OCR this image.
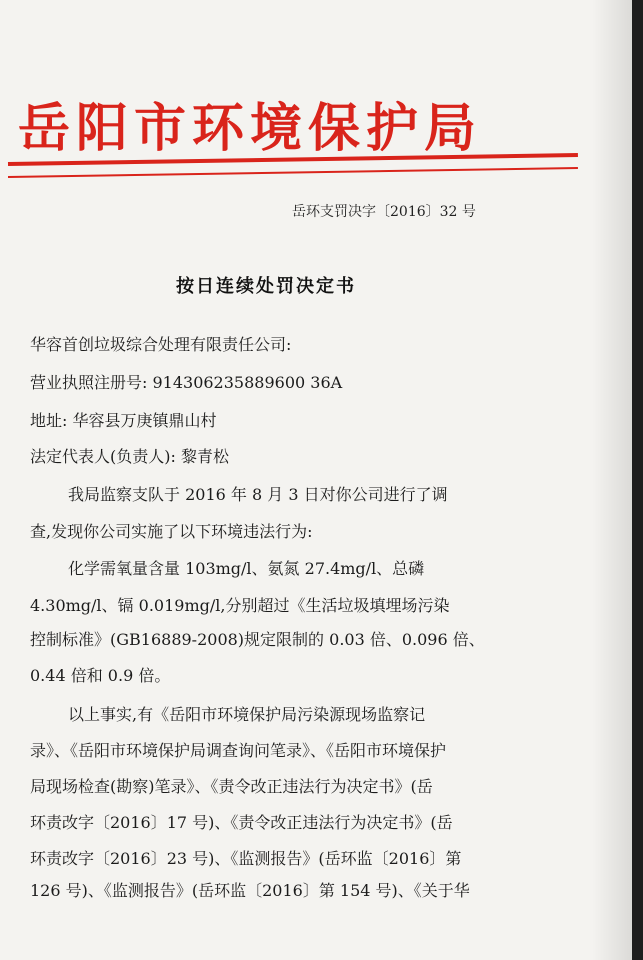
岳阳市环境保护局
岳环支罚决字〔2016〕32 号
按日连续处罚决定书
华容首创垃圾综合处理有限责任公司:
营业执照注册号: 914306235889600 36A
地址: 华容县万庚镇鼎山村
法定代表人(负责人): 黎青松
我局监察支队于 2016 年 8 月 3 日对你公司进行了调
查,发现你公司实施了以下环境违法行为:
化学需氧量含量 103mg/l、氨氮 27.4mg/l、总磷
4.30mg/l、镉 0.019mg/l,分别超过《生活垃圾填埋场污染
控制标准》(GB16889-2008)规定限制的 0.03 倍、0.096 倍、
0.44 倍和 0.9 倍。
以上事实,有《岳阳市环境保护局污染源现场监察记
录》、《岳阳市环境保护局调查询问笔录》、《岳阳市环境保护
局现场检查(勘察)笔录》、《责令改正违法行为决定书》(岳
环责改字〔2016〕17 号)、《责令改正违法行为决定书》(岳
环责改字〔2016〕23 号)、《监测报告》(岳环监〔2016〕第
126 号)、《监测报告》(岳环监〔2016〕第 154 号)、《关于华
